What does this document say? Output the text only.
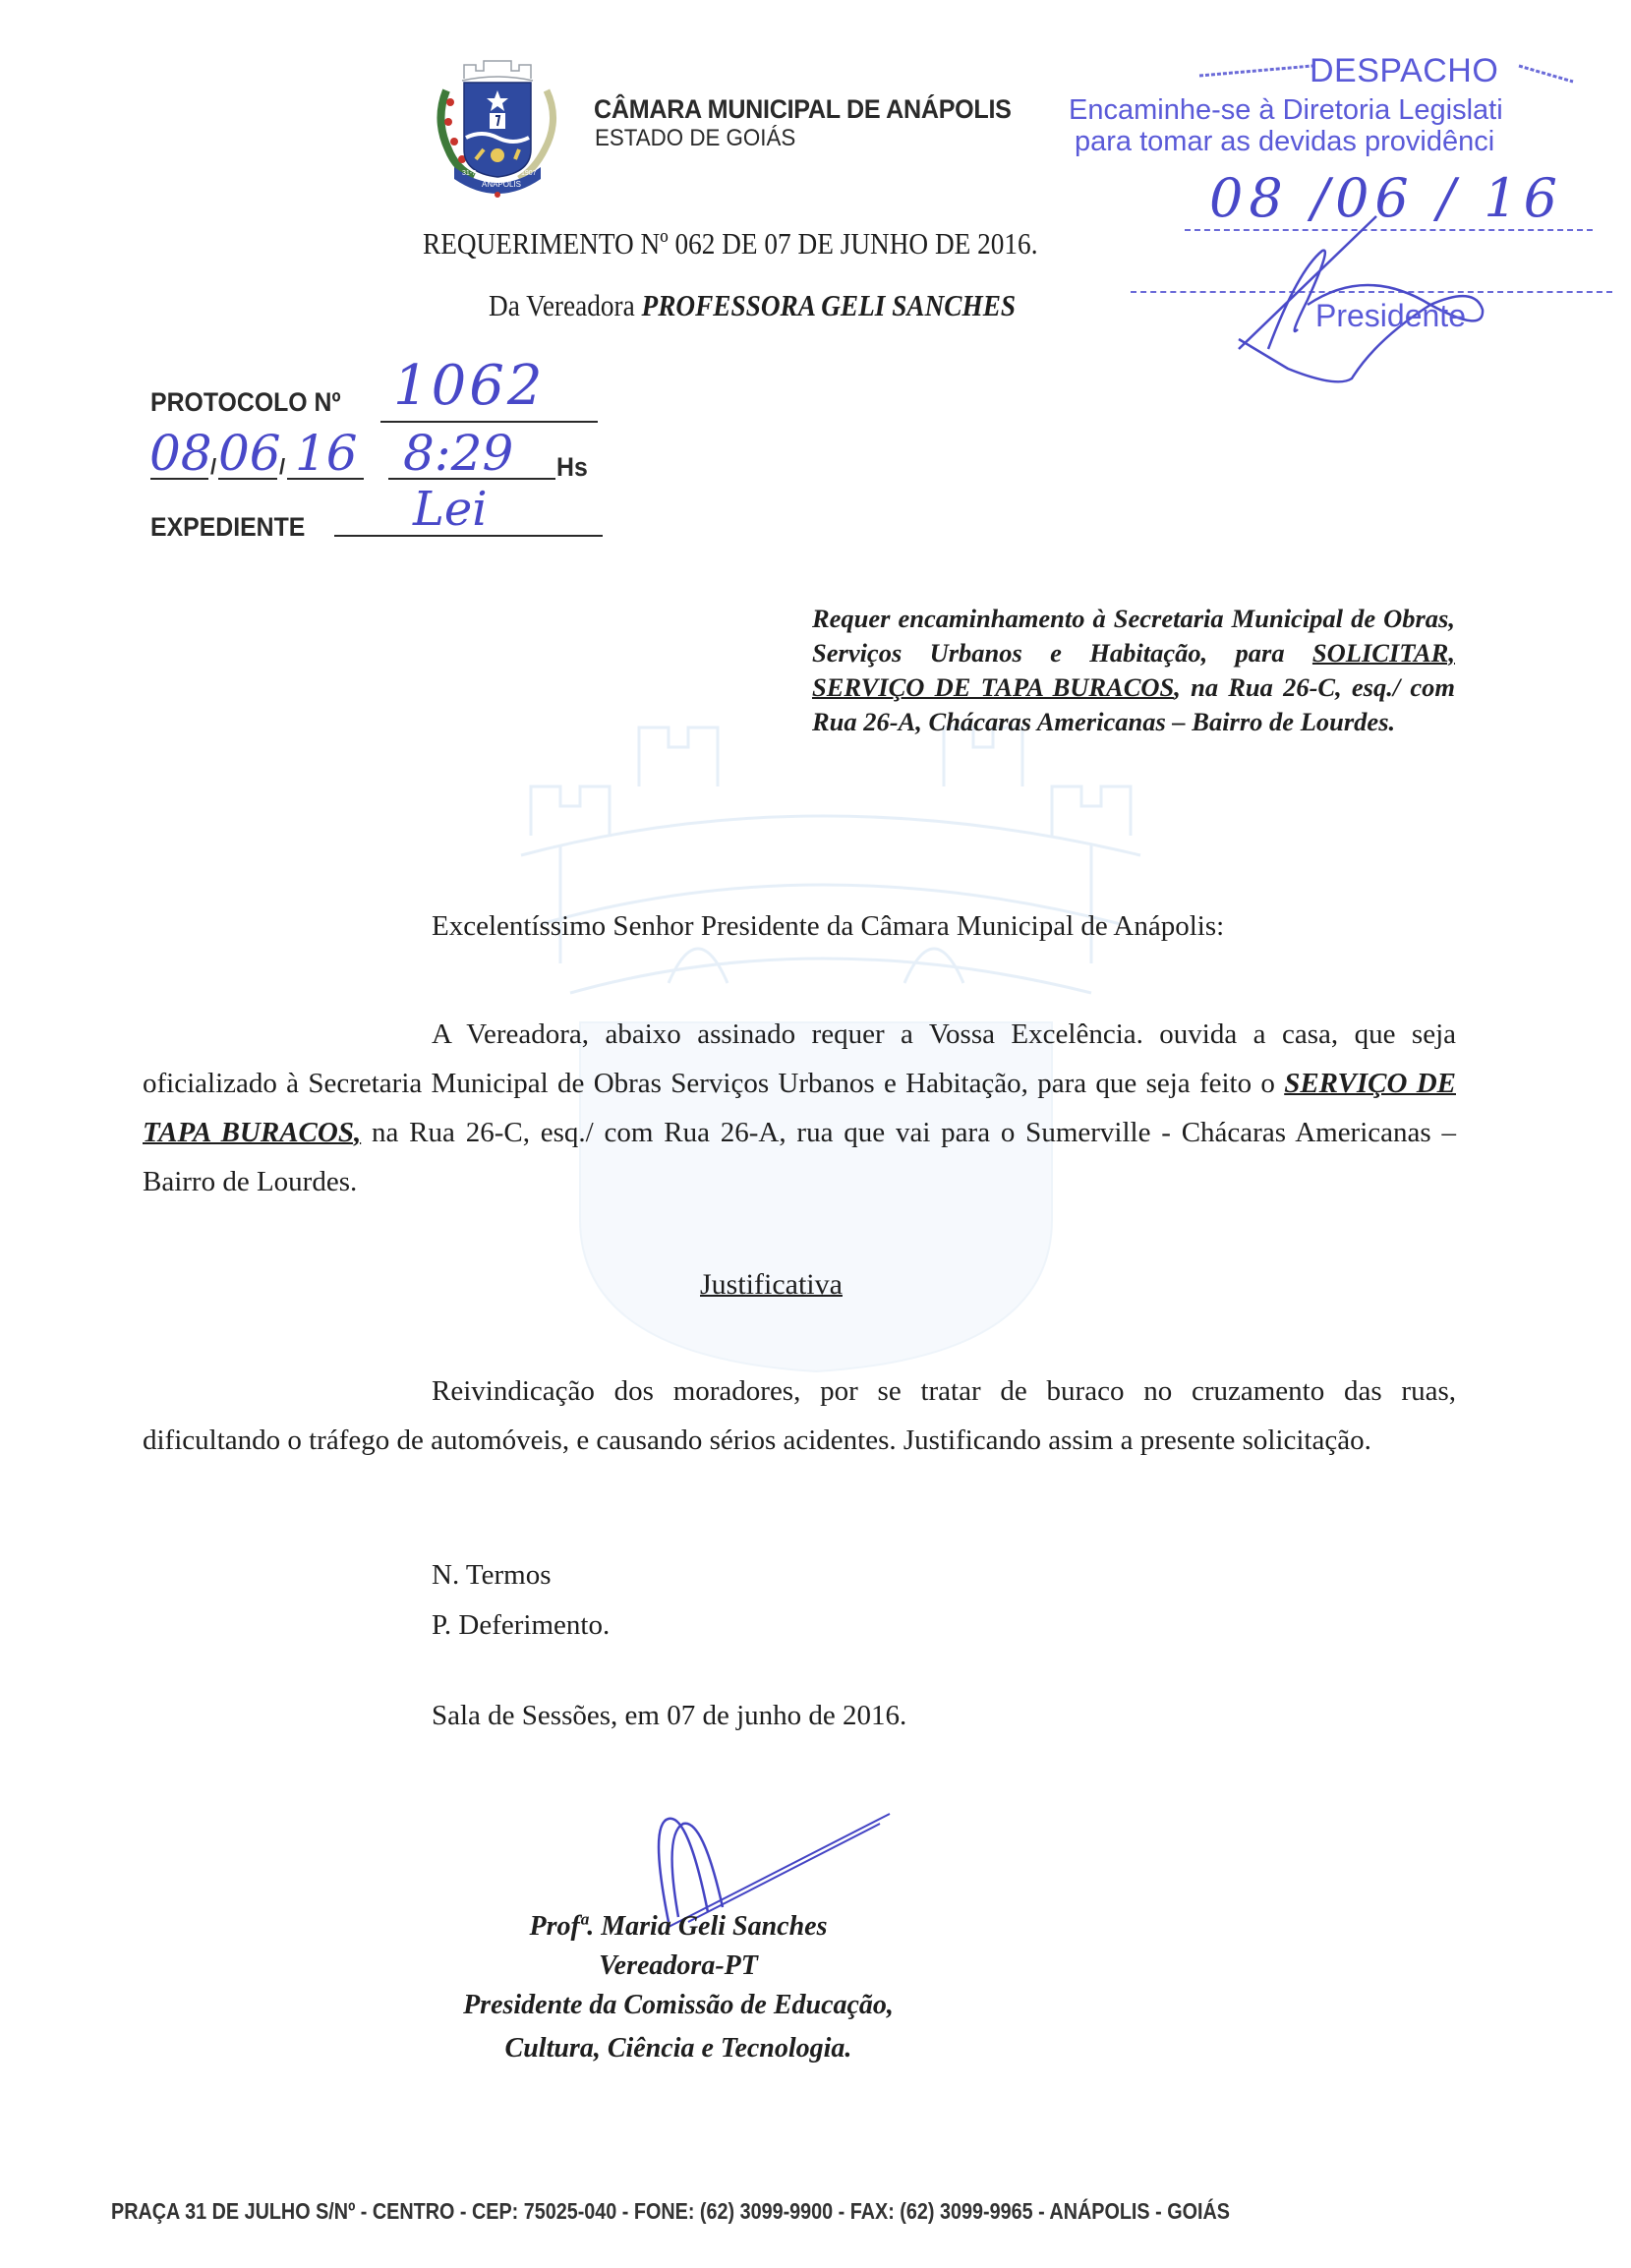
31-7
ANÁPOLIS
1907
CÂMARA MUNICIPAL DE ANÁPOLIS
ESTADO DE GOIÁS
DESPACHO
Encaminhe-se à Diretoria Legislati
para tomar as devidas providênci
08 /06 / 16
Presidente
REQUERIMENTO Nº 062 DE 07 DE JUNHO DE 2016.
Da Vereadora PROFESSORA GELI SANCHES
PROTOCOLO Nº 1062
/	/
08 06 16 8:29 Hs
EXPEDIENTE Lei
Requer encaminhamento à Secretaria Municipal de Obras, Serviços Urbanos e Habitação, para SOLICITAR, SERVIÇO DE TAPA BURACOS, na Rua 26-C, esq./ com Rua 26-A, Chácaras Americanas – Bairro de Lourdes.
Excelentíssimo Senhor Presidente da Câmara Municipal de Anápolis:
A Vereadora, abaixo assinado requer a Vossa Excelência. ouvida a casa, que seja oficializado à Secretaria Municipal de Obras Serviços Urbanos e Habitação, para que seja feito o SERVIÇO DE TAPA BURACOS, na Rua 26-C, esq./ com Rua 26-A, rua que vai para o Sumerville - Chácaras Americanas – Bairro de Lourdes.
Justificativa
Reivindicação dos moradores, por se tratar de buraco no cruzamento das ruas, dificultando o tráfego de automóveis, e causando sérios acidentes. Justificando assim a presente solicitação.
N. Termos
P. Deferimento.
Sala de Sessões, em 07 de junho de 2016.
Profª. Maria Geli Sanches
Vereadora-PT
Presidente da Comissão de Educação,
Cultura, Ciência e Tecnologia.
PRAÇA 31 DE JULHO S/Nº - CENTRO - CEP: 75025-040 - FONE: (62) 3099-9900 - FAX: (62) 3099-9965 - ANÁPOLIS - GOIÁS
